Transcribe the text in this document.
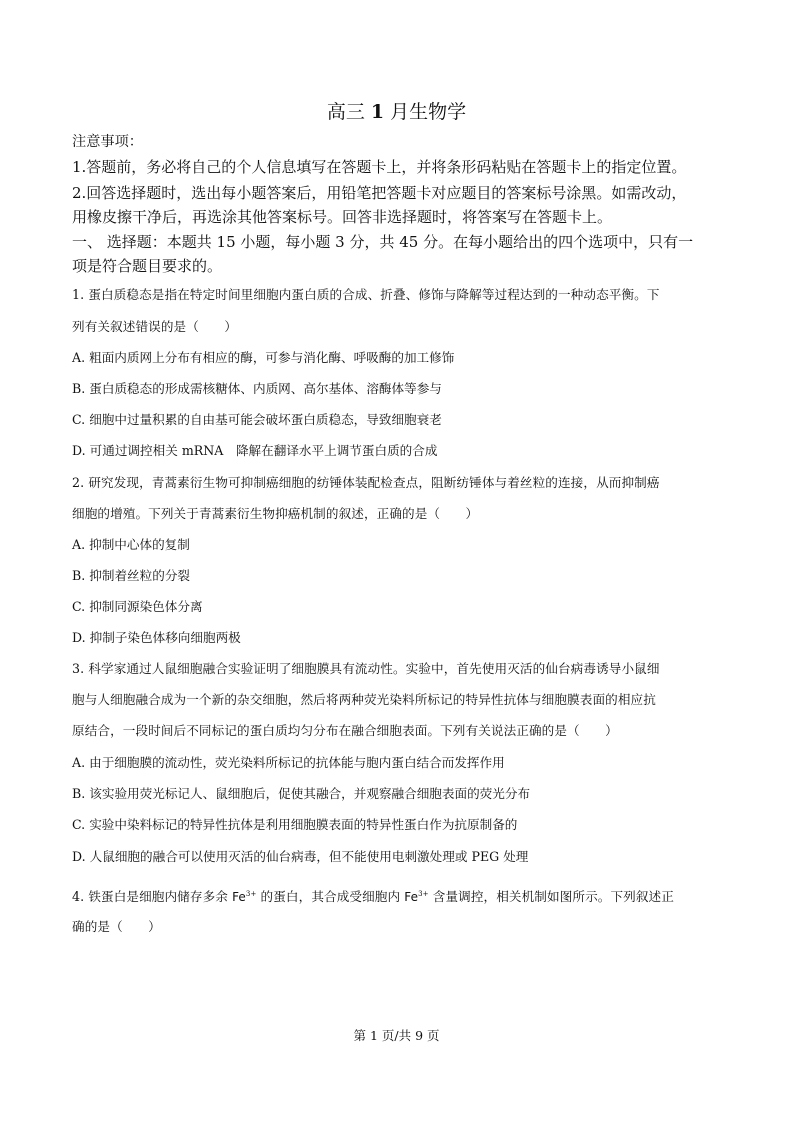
高三 1 月生物学
注意事项：
1.答题前，务必将自己的个人信息填写在答题卡上，并将条形码粘贴在答题卡上的指定位置。
2.回答选择题时，选出每小题答案后，用铅笔把答题卡对应题目的答案标号涂黑。如需改动，
用橡皮擦干净后，再选涂其他答案标号。回答非选择题时，将答案写在答题卡上。
一、 选择题：本题共 15 小题，每小题 3 分，共 45 分。在每小题给出的四个选项中，只有一
项是符合题目要求的。
1. 蛋白质稳态是指在特定时间里细胞内蛋白质的合成、折叠、修饰与降解等过程达到的一种动态平衡。下
列有关叙述错误的是（　　）
A. 粗面内质网上分布有相应的酶，可参与消化酶、呼吸酶的加工修饰
B. 蛋白质稳态的形成需核糖体、内质网、高尔基体、溶酶体等参与
C. 细胞中过量积累的自由基可能会破坏蛋白质稳态，导致细胞衰老
D. 可通过调控相关 mRNA　降解在翻译水平上调节蛋白质的合成
2. 研究发现，青蒿素衍生物可抑制癌细胞的纺锤体装配检查点，阻断纺锤体与着丝粒的连接，从而抑制癌
细胞的增殖。下列关于青蒿素衍生物抑癌机制的叙述，正确的是（　　）
A. 抑制中心体的复制
B. 抑制着丝粒的分裂
C. 抑制同源染色体分离
D. 抑制子染色体移向细胞两极
3. 科学家通过人鼠细胞融合实验证明了细胞膜具有流动性。实验中，首先使用灭活的仙台病毒诱导小鼠细
胞与人细胞融合成为一个新的杂交细胞，然后将两种荧光染料所标记的特异性抗体与细胞膜表面的相应抗
原结合，一段时间后不同标记的蛋白质均匀分布在融合细胞表面。下列有关说法正确的是（　　）
A. 由于细胞膜的流动性，荧光染料所标记的抗体能与胞内蛋白结合而发挥作用
B. 该实验用荧光标记人、鼠细胞后，促使其融合，并观察融合细胞表面的荧光分布
C. 实验中染料标记的特异性抗体是利用细胞膜表面的特异性蛋白作为抗原制备的
D. 人鼠细胞的融合可以使用灭活的仙台病毒，但不能使用电刺激处理或 PEG 处理
4. 铁蛋白是细胞内储存多余 $Fe^{3+}$ 的蛋白，其合成受细胞内 $Fe^{3+}$ 含量调控，相关机制如图所示。下列叙述正
确的是（　　）
第 1 页/共 9 页
